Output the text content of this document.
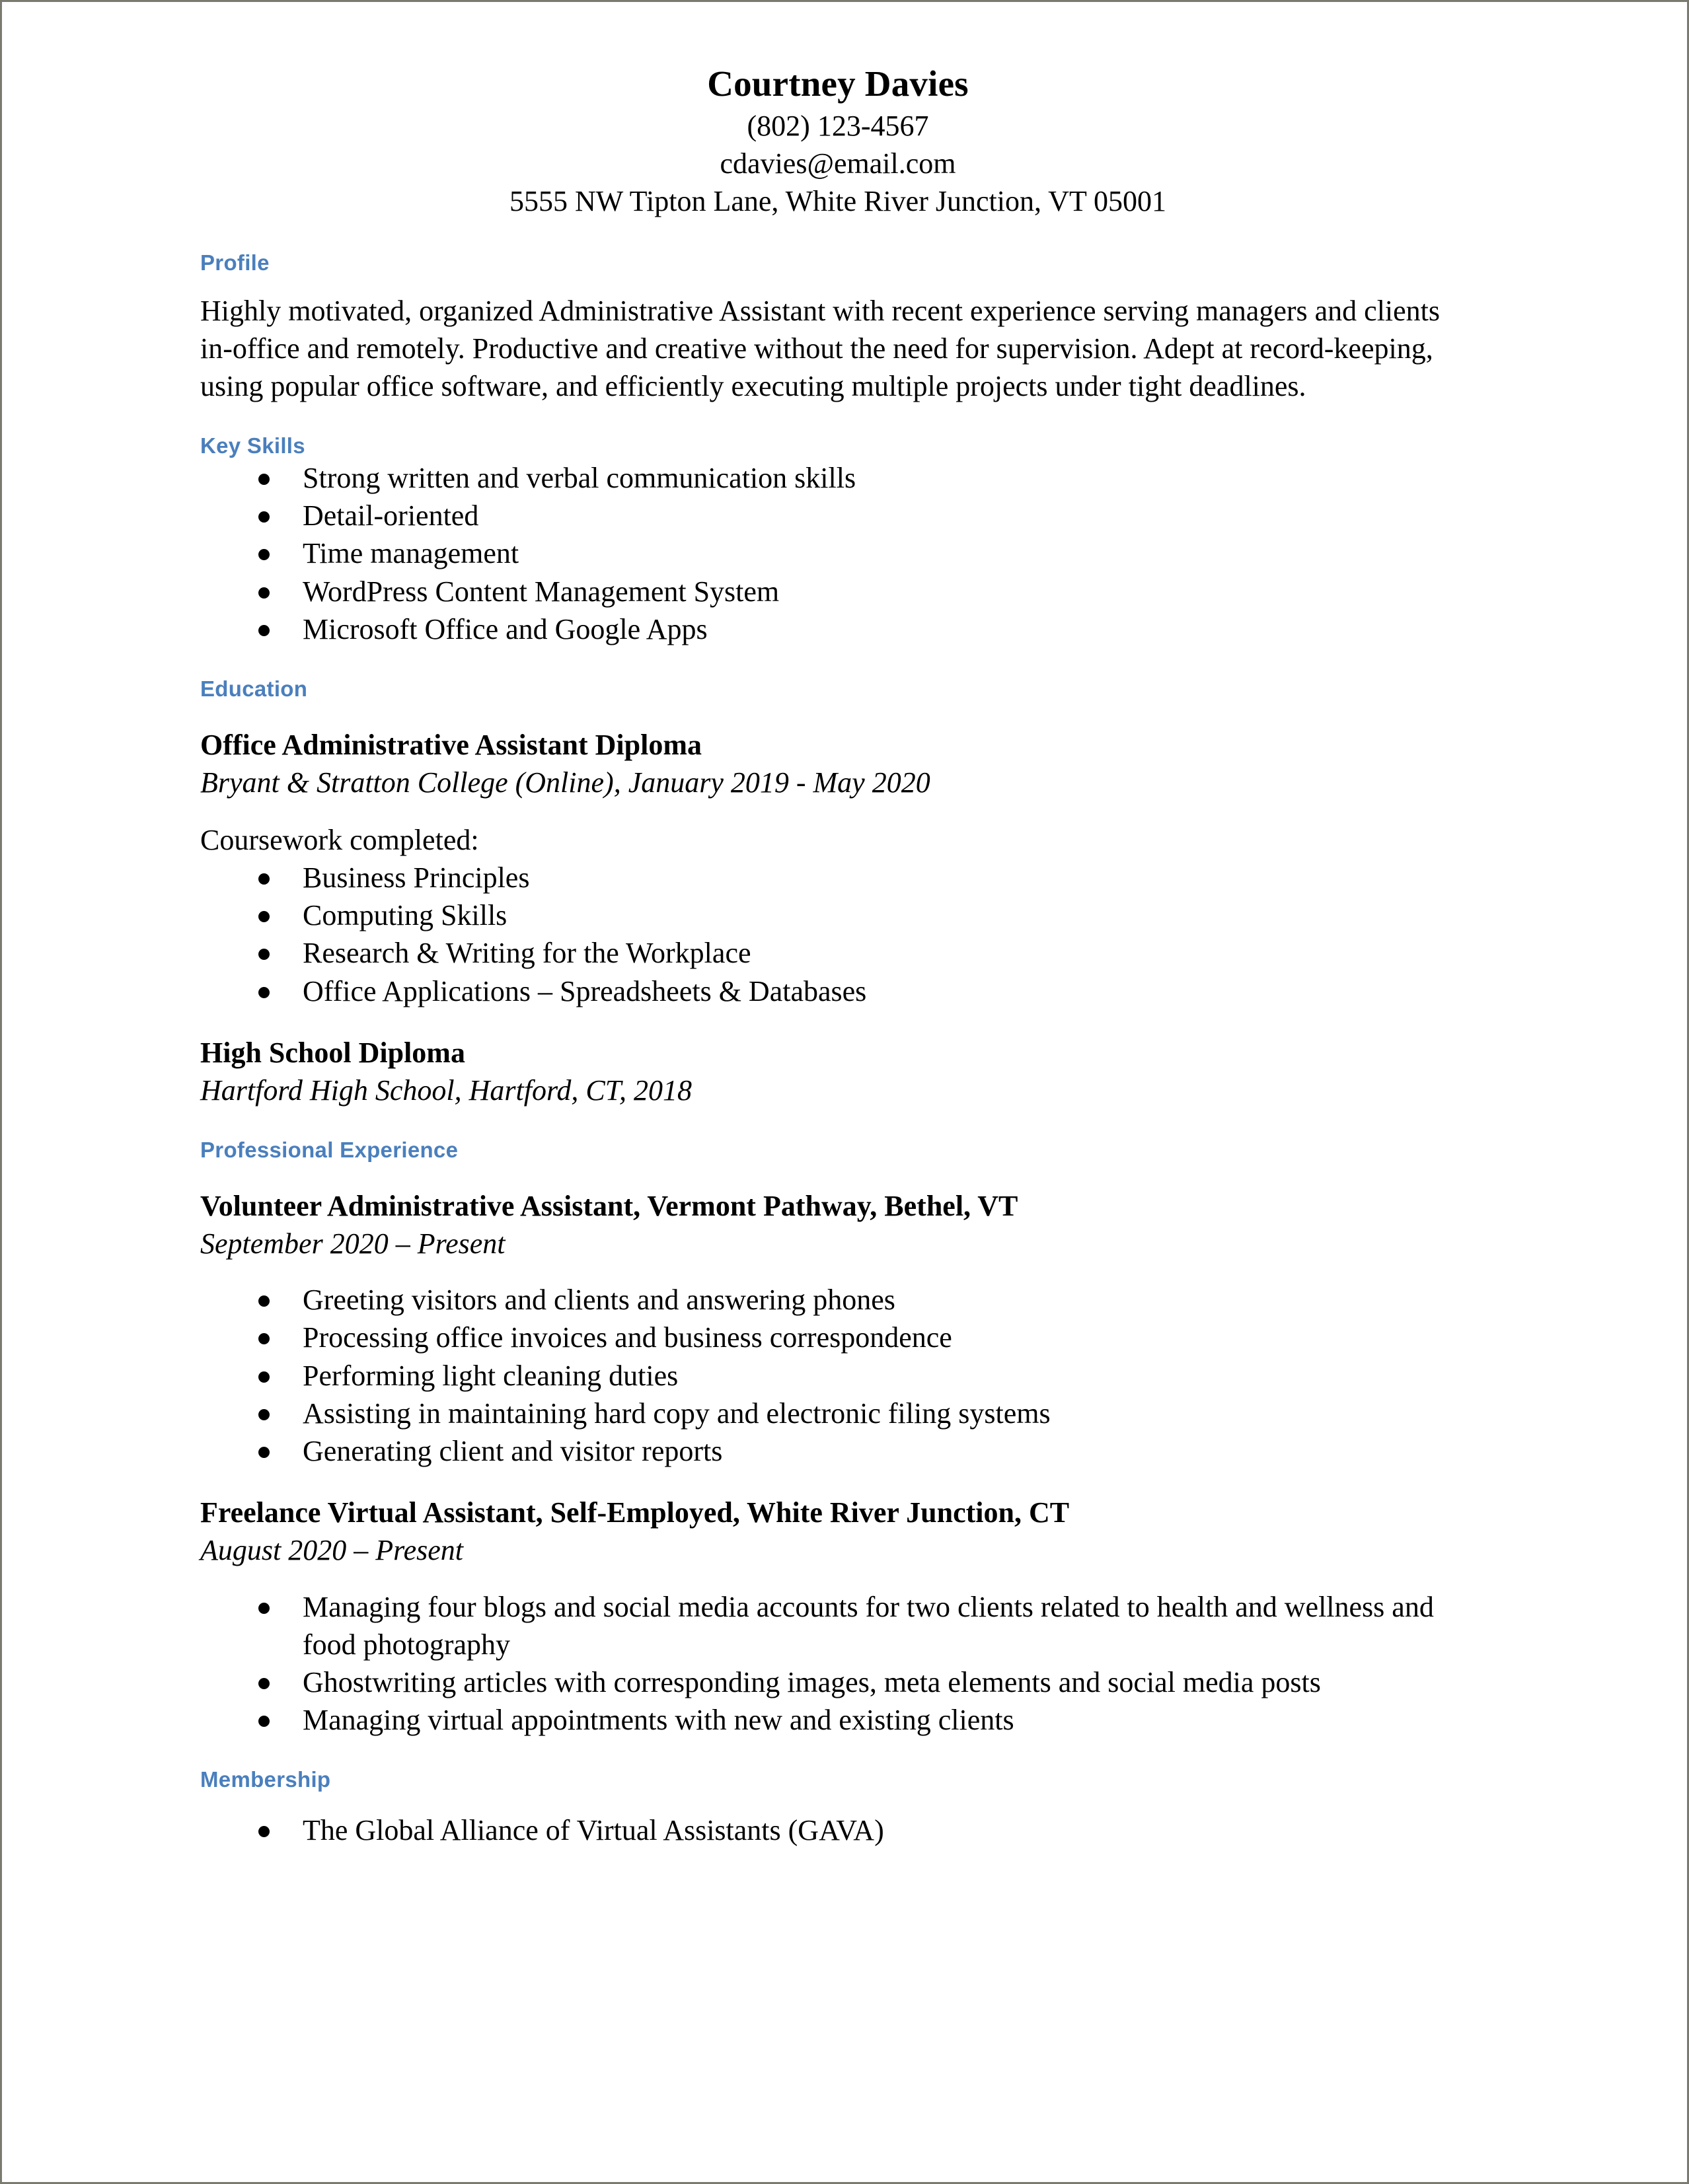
Courtney Davies
(802) 123-4567
cdavies@email.com
5555 NW Tipton Lane, White River Junction, VT 05001
Profile

Highly motivated, organized Administrative Assistant with recent experience serving managers and clients in-office and remotely. Productive and creative without the need for supervision. Adept at record-keeping, using popular office software, and efficiently executing multiple projects under tight deadlines.

Key Skills
Strong written and verbal communication skills
Detail-oriented
Time management
WordPress Content Management System
Microsoft Office and Google Apps
Education
Office Administrative Assistant Diploma
Bryant & Stratton College (Online), January 2019 - May 2020
Coursework completed:
Business Principles
Computing Skills
Research & Writing for the Workplace
Office Applications – Spreadsheets & Databases
High School Diploma
Hartford High School, Hartford, CT, 2018
Professional Experience
Volunteer Administrative Assistant, Vermont Pathway, Bethel, VT
September 2020 – Present
Greeting visitors and clients and answering phones
Processing office invoices and business correspondence
Performing light cleaning duties
Assisting in maintaining hard copy and electronic filing systems
Generating client and visitor reports
Freelance Virtual Assistant, Self-Employed, White River Junction, CT
August 2020 – Present
Managing four blogs and social media accounts for two clients related to health and wellness and food photography
Ghostwriting articles with corresponding images, meta elements and social media posts
Managing virtual appointments with new and existing clients
Membership
The Global Alliance of Virtual Assistants (GAVA)
